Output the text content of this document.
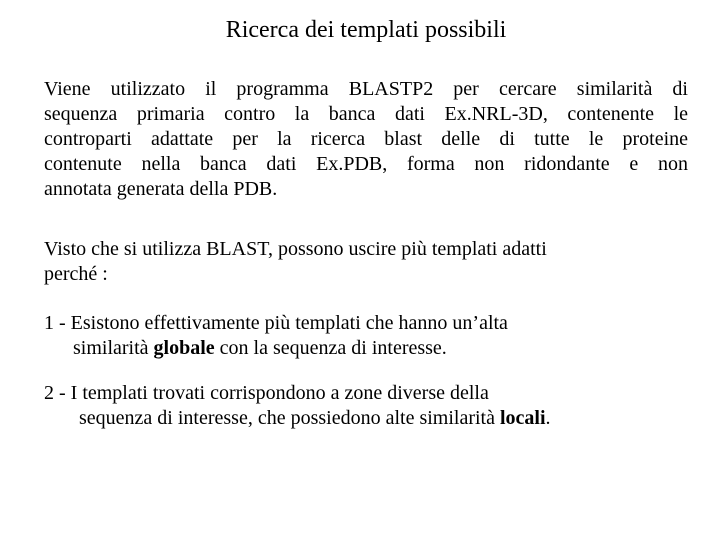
Ricerca dei templati possibili
Viene utilizzato il programma BLASTP2 per cercare similarità di
sequenza primaria contro la banca dati Ex.NRL-3D, contenente le
controparti adattate per la ricerca blast delle di tutte le proteine
contenute nella banca dati Ex.PDB, forma non ridondante e non
annotata generata della PDB.
Visto che si utilizza BLAST, possono uscire più templati adatti
perché :
1 - Esistono effettivamente più templati che hanno un’alta
similarità globale con la sequenza di interesse.
2 - I templati trovati corrispondono a zone diverse della
sequenza di interesse, che possiedono alte similarità locali.
